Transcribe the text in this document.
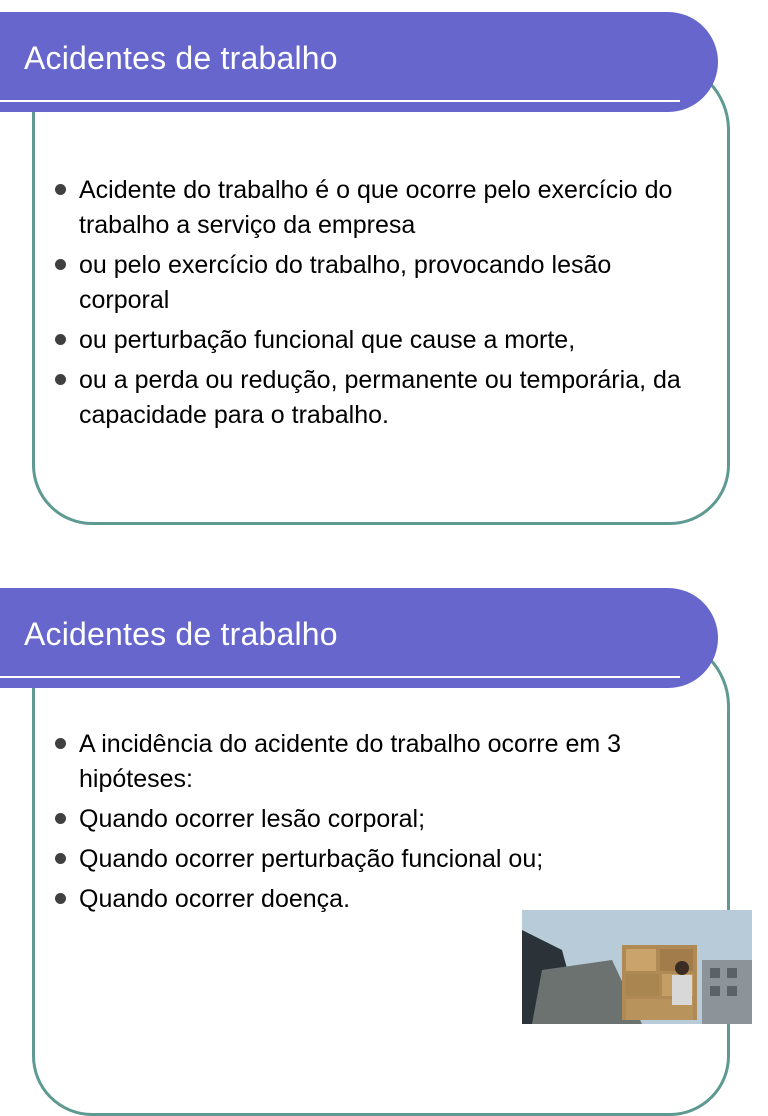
Acidentes de trabalho
Acidente do trabalho é o que ocorre pelo exercício do trabalho a serviço da empresa
ou pelo exercício do trabalho, provocando lesão corporal
ou perturbação funcional que cause a morte,
ou a perda ou redução, permanente ou temporária, da capacidade para o trabalho.
Acidentes de trabalho
A incidência do acidente do trabalho ocorre em 3 hipóteses:
Quando ocorrer lesão corporal;
Quando ocorrer perturbação funcional ou;
Quando ocorrer doença.
